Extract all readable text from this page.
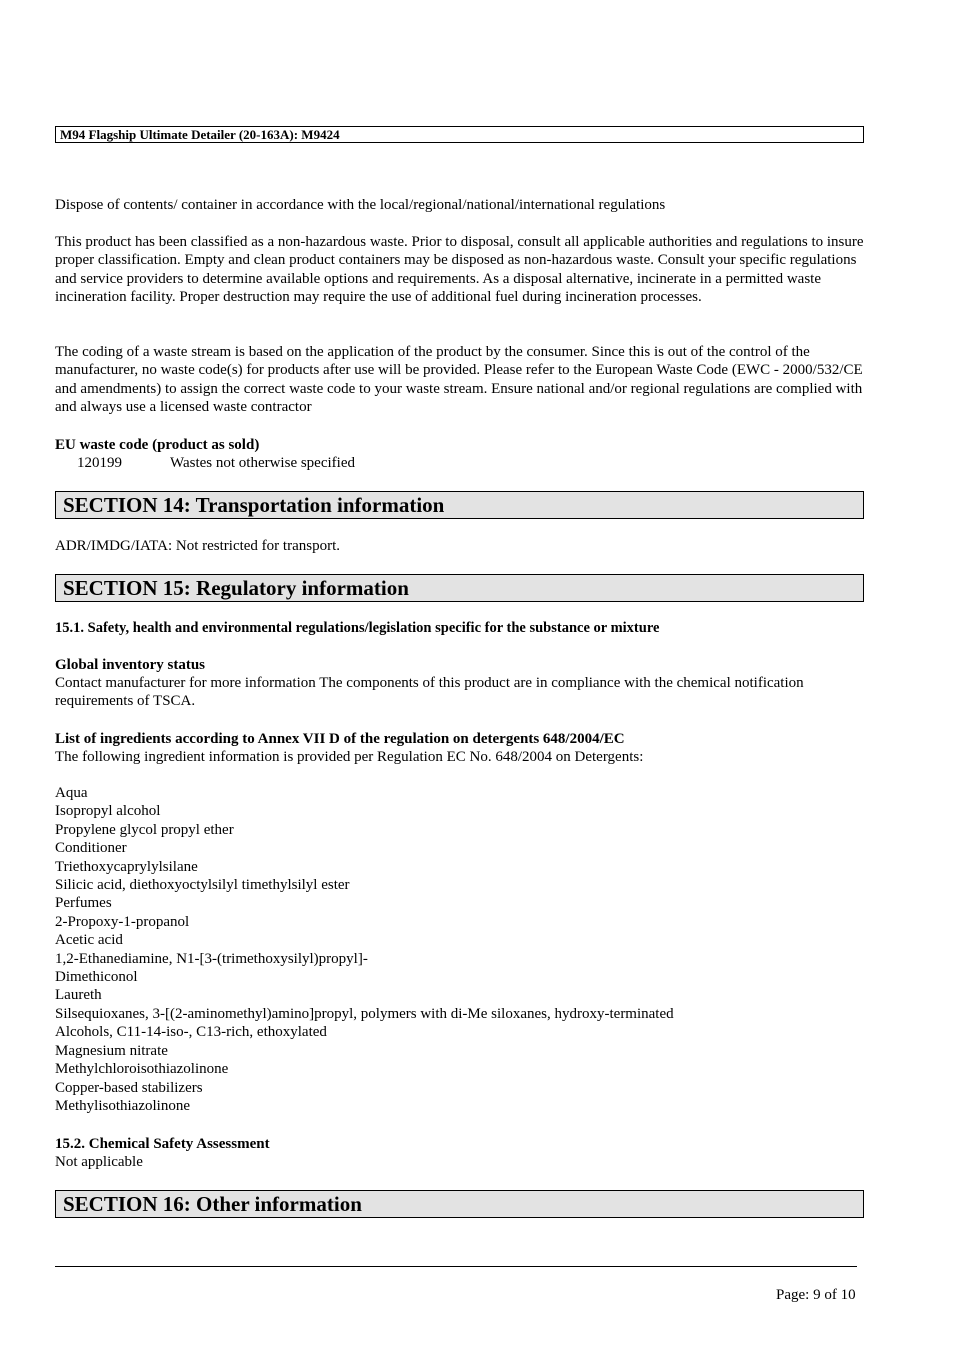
M94 Flagship Ultimate Detailer (20-163A): M9424
Dispose of contents/ container in accordance with the local/regional/national/international regulations
This product has been classified as a non-hazardous waste. Prior to disposal, consult all applicable authorities and regulations to insure proper classification. Empty and clean product containers may be disposed as non-hazardous waste. Consult your specific regulations and service providers to determine available options and requirements. As a disposal alternative, incinerate in a permitted waste incineration facility. Proper destruction may require the use of additional fuel during incineration processes.
The coding of a waste stream is based on the application of the product by the consumer. Since this is out of the control of the manufacturer, no waste code(s) for products after use will be provided. Please refer to the European Waste Code (EWC - 2000/532/CE and amendments) to assign the correct waste code to your waste stream. Ensure national and/or regional regulations are complied with and always use a licensed waste contractor
EU waste code (product as sold)
120199	Wastes not otherwise specified
SECTION 14: Transportation information
ADR/IMDG/IATA: Not restricted for transport.
SECTION 15: Regulatory information
15.1. Safety, health and environmental regulations/legislation specific for the substance or mixture
Global inventory status
Contact manufacturer for more information The components of this product are in compliance with the chemical notification requirements of TSCA.
List of ingredients according to Annex VII D of the regulation on detergents 648/2004/EC
The following ingredient information is provided per Regulation EC No. 648/2004 on Detergents:
Aqua
Isopropyl alcohol
Propylene glycol propyl ether
Conditioner
Triethoxycaprylylsilane
Silicic acid, diethoxyoctylsilyl timethylsilyl ester
Perfumes
2-Propoxy-1-propanol
Acetic acid
1,2-Ethanediamine, N1-[3-(trimethoxysilyl)propyl]-
Dimethiconol
Laureth
Silsequioxanes, 3-[(2-aminomethyl)amino]propyl, polymers with di-Me siloxanes, hydroxy-terminated
Alcohols, C11-14-iso-, C13-rich, ethoxylated
Magnesium nitrate
Methylchloroisothiazolinone
Copper-based stabilizers
Methylisothiazolinone
15.2. Chemical Safety Assessment
Not applicable
SECTION 16: Other information
Page: 9 of 10
